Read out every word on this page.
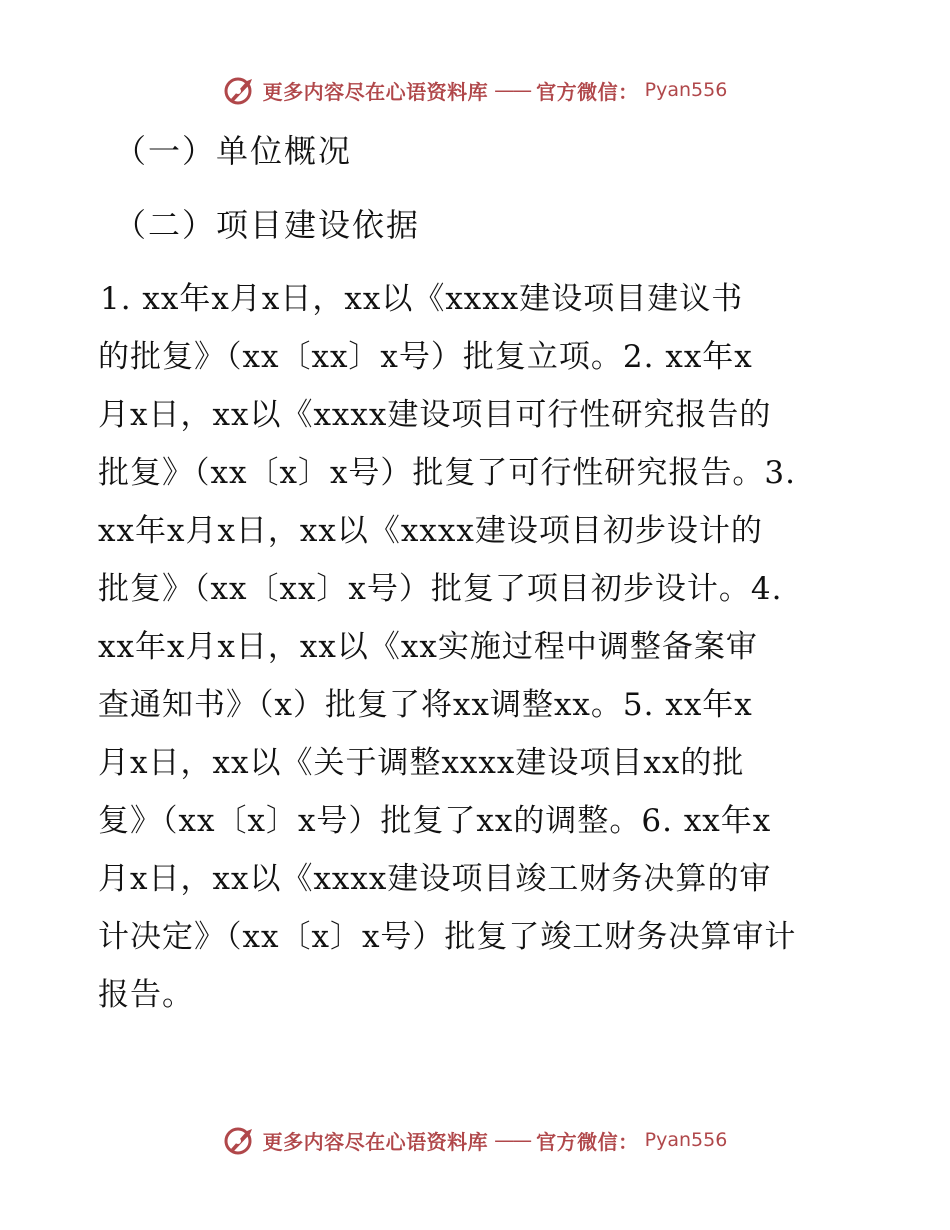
更多内容尽在心语资料库 —— 官方微信： Pyan556
（一）单位概况
（二）项目建设依据
1. xx年x月x日，xx以《xxxx建设项目建议书
的批复》（xx〔xx〕x号）批复立项。2. xx年x
月x日，xx以《xxxx建设项目可行性研究报告的
批复》（xx〔x〕x号）批复了可行性研究报告。3.
xx年x月x日，xx以《xxxx建设项目初步设计的
批复》（xx〔xx〕x号）批复了项目初步设计。4.
xx年x月x日，xx以《xx实施过程中调整备案审
查通知书》（x）批复了将xx调整xx。5. xx年x
月x日，xx以《关于调整xxxx建设项目xx的批
复》（xx〔x〕x号）批复了xx的调整。6. xx年x
月x日，xx以《xxxx建设项目竣工财务决算的审
计决定》（xx〔x〕x号）批复了竣工财务决算审计
报告。
更多内容尽在心语资料库 —— 官方微信： Pyan556
